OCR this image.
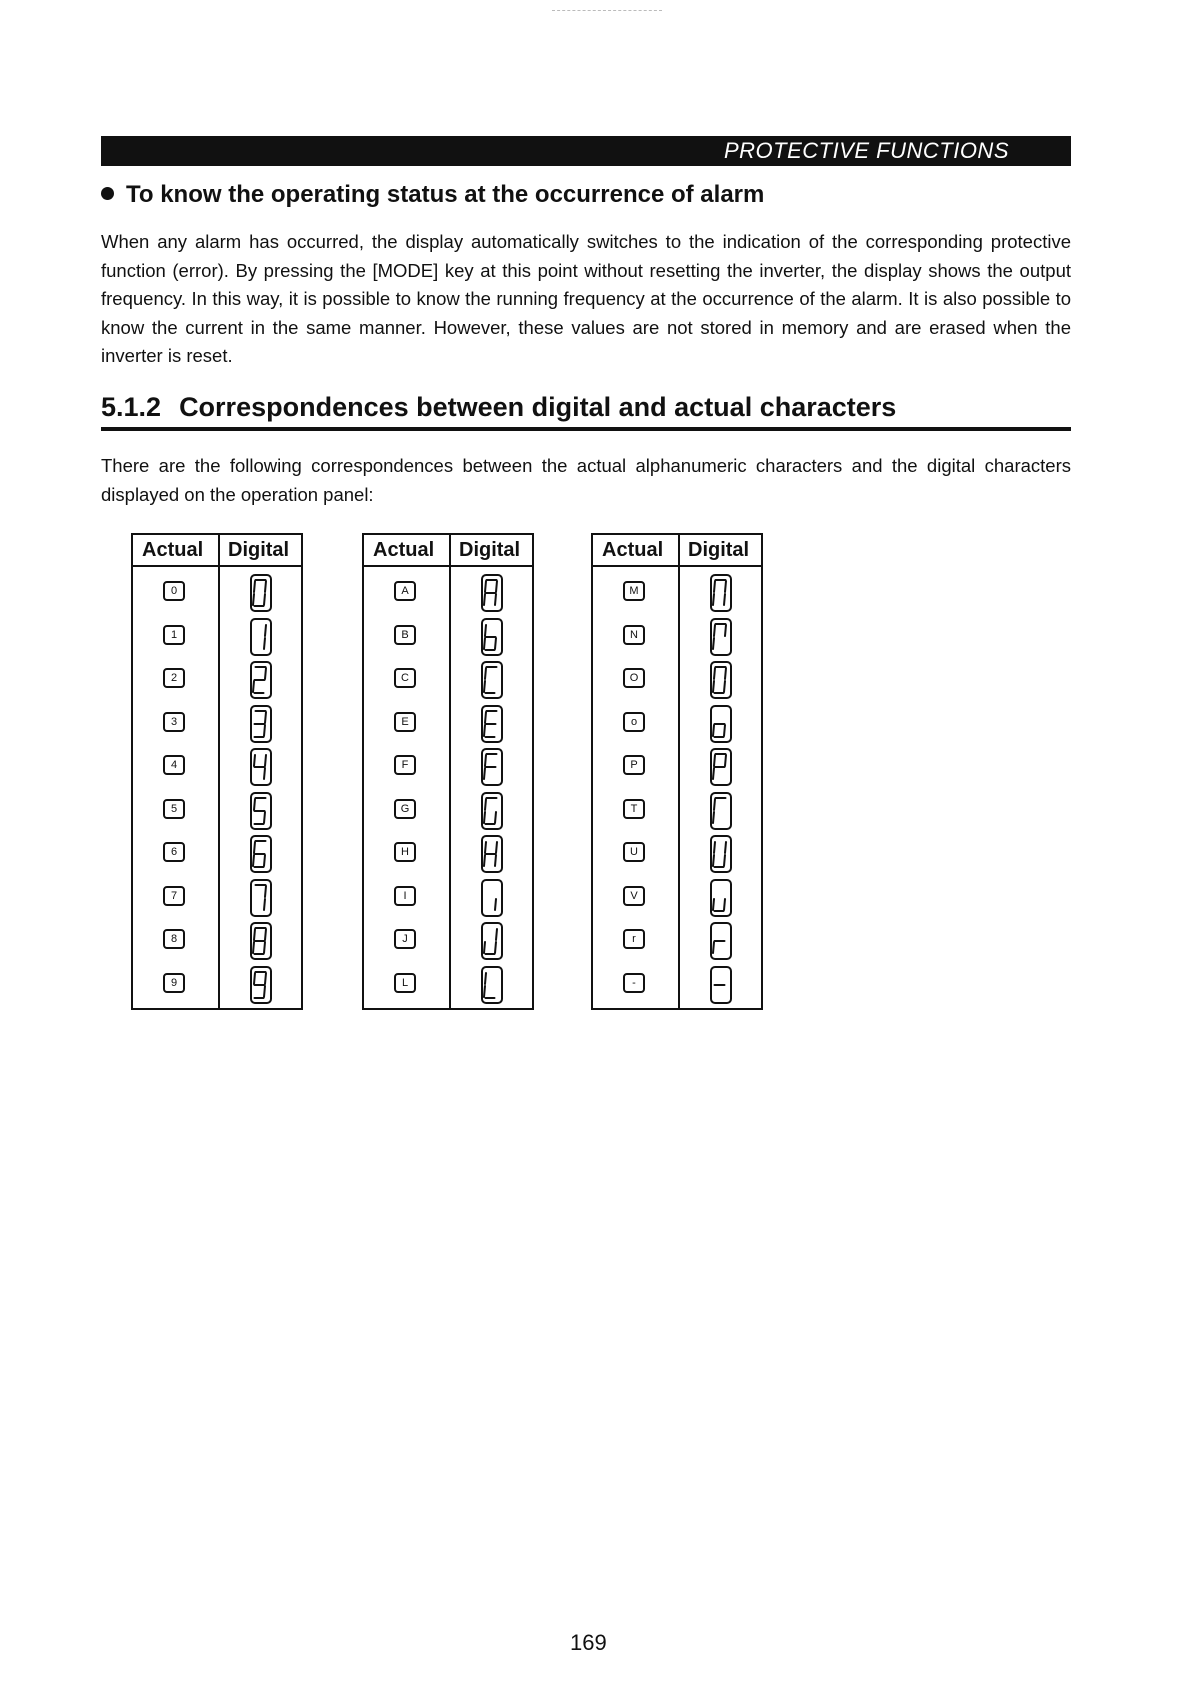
PROTECTIVE FUNCTIONS
To know the operating status at the occurrence of alarm

When any alarm has occurred, the display automatically switches to the indication of the corresponding protective function (error). By pressing the [MODE] key at this point without resetting the inverter, the display shows the output frequency. In this way, it is possible to know the running frequency at the occurrence of the alarm. It is also possible to know the current in the same manner. However, these values are not stored in memory and are erased when the inverter is reset.

5.1.2 Correspondences between digital and actual characters

There are the following correspondences between the actual alphanumeric characters and the digital characters displayed on the operation panel:

Actual Digital
0
1
2
3
4
5
6
7
8
9
Actual Digital
A
B
C
E
F
G
H
I
J
L
Actual Digital
M
N
O
o
P
T
U
V
r
-
169
